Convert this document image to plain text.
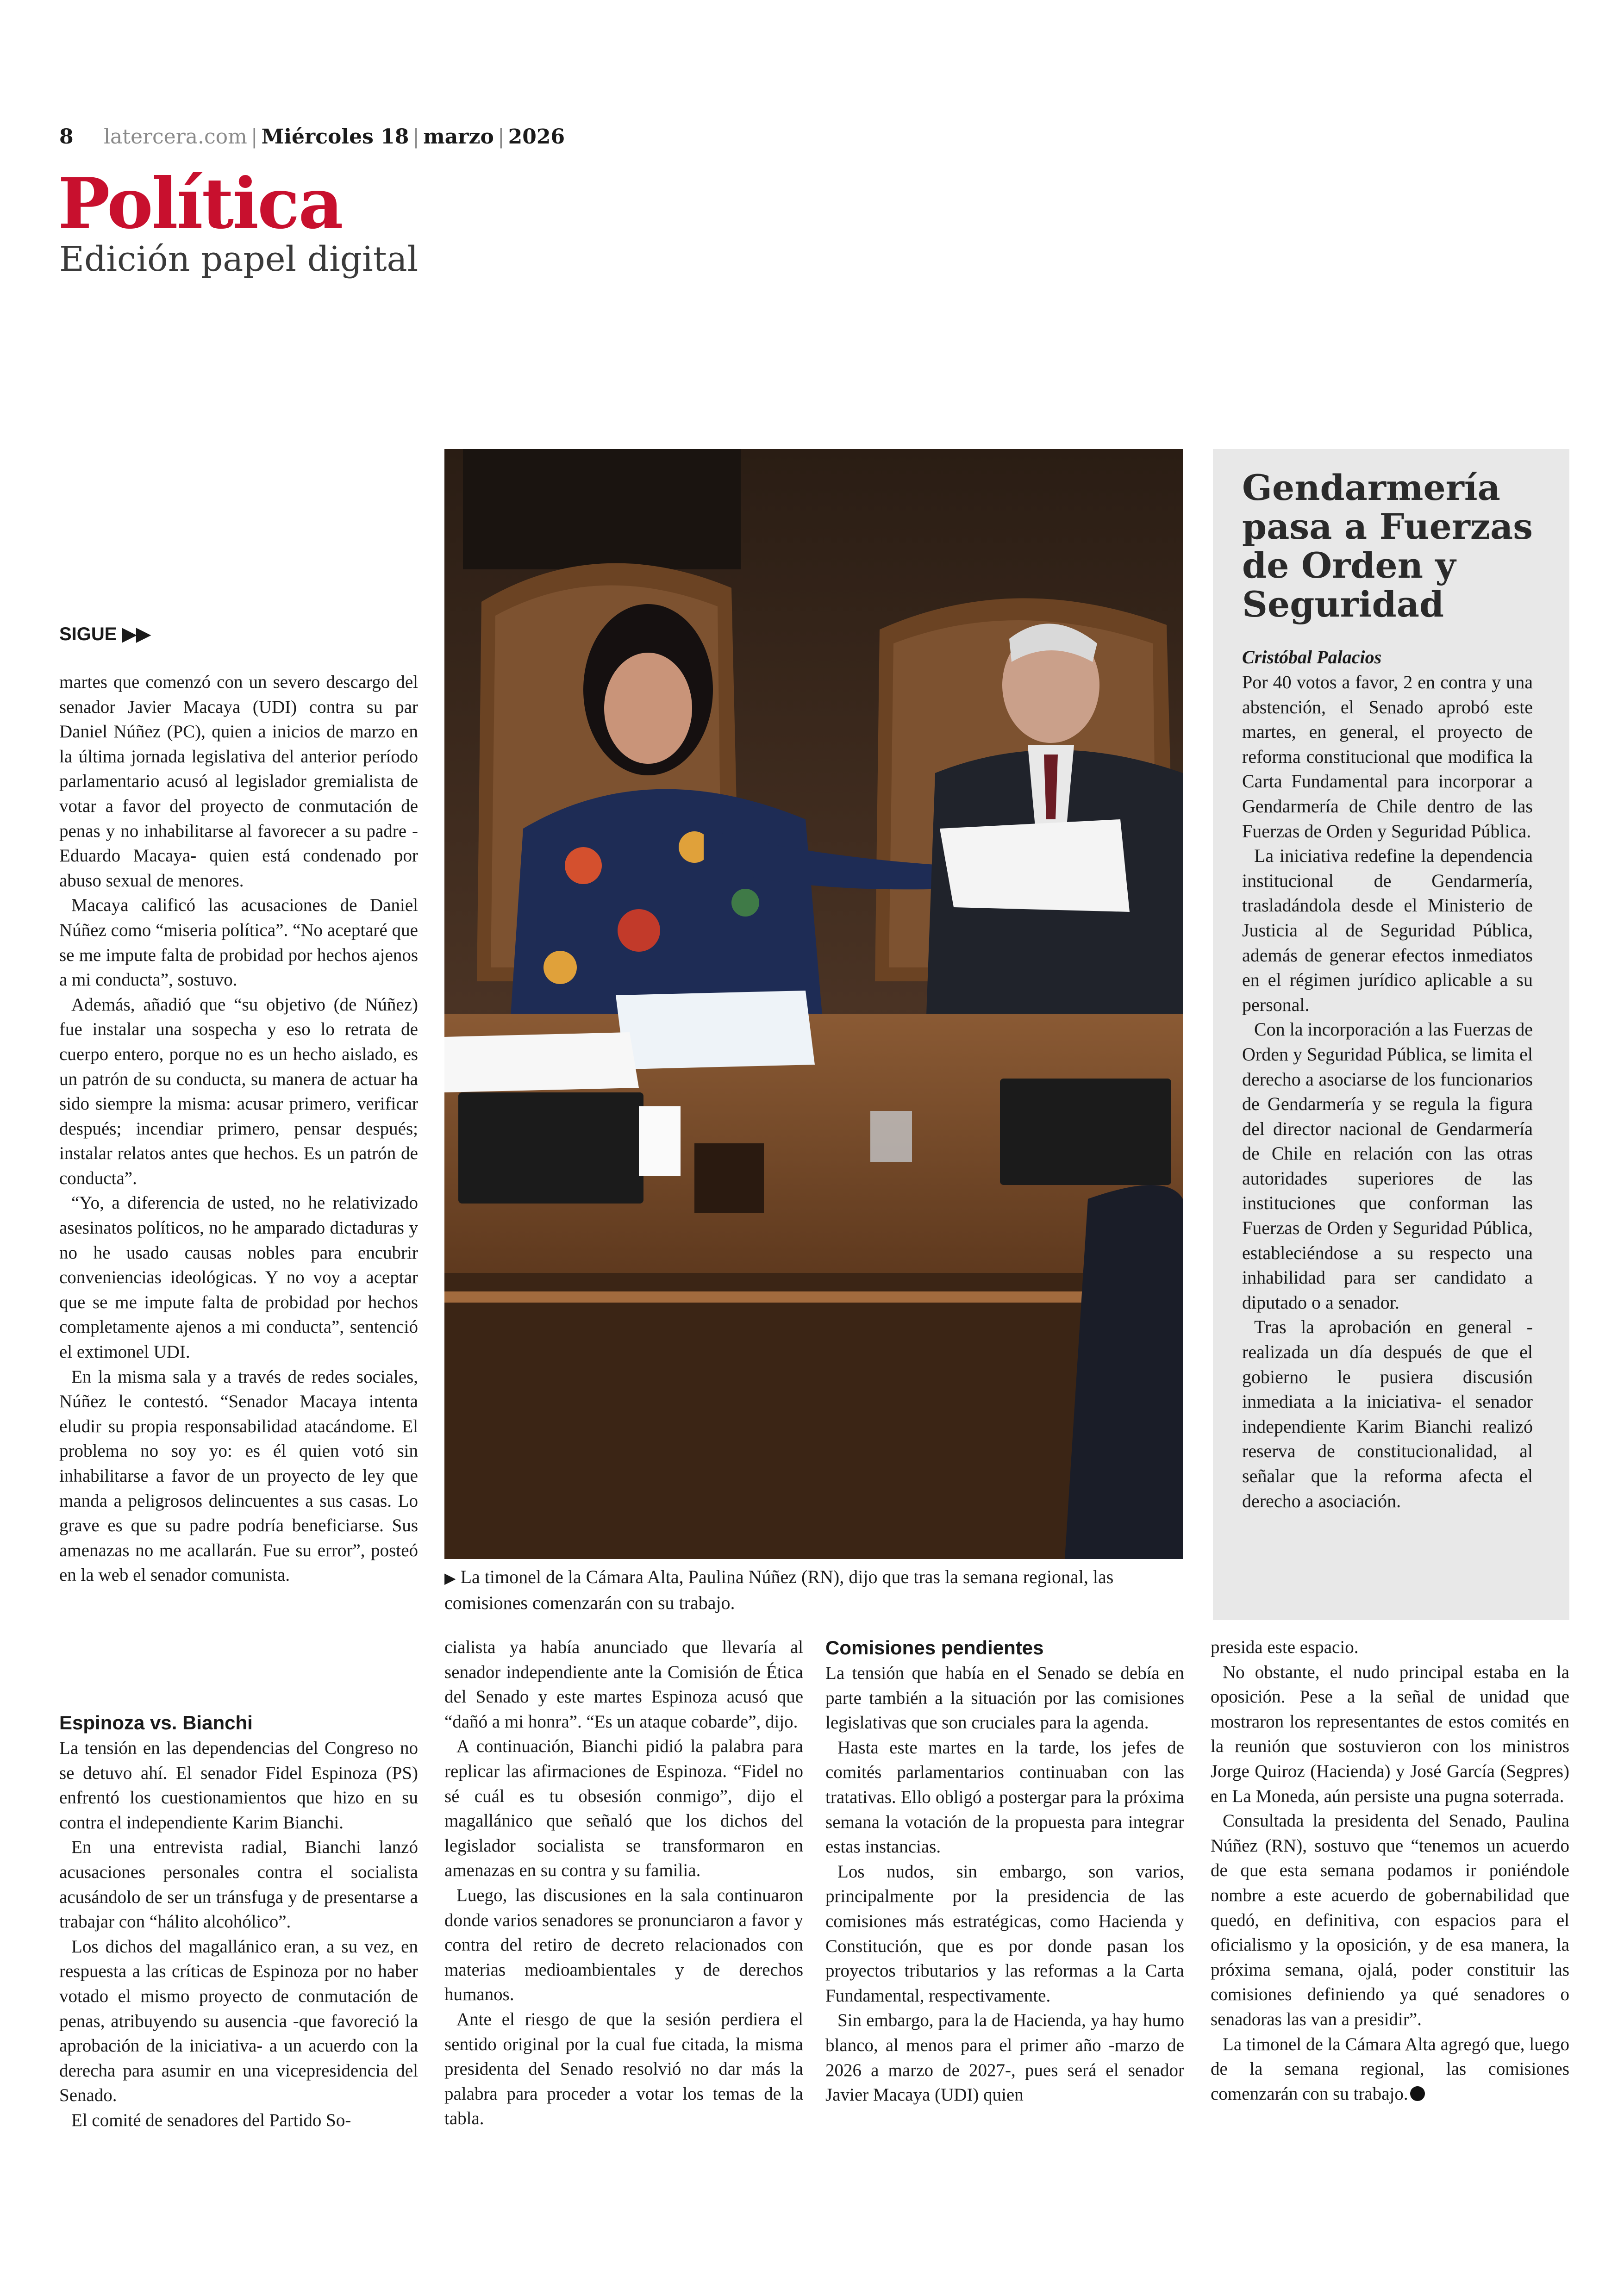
8 latercera.com | Miércoles 18 | marzo | 2026
Política
Edición papel digital
SIGUE ▶▶

martes que comenzó con un severo descargo del senador Javier Macaya (UDI) contra su par Daniel Núñez (PC), quien a inicios de marzo en la última jornada legislativa del anterior período parlamentario acusó al legislador gremialista de votar a favor del proyecto de conmutación de penas y no inhabilitarse al favorecer a su padre -Eduardo Macaya- quien está condenado por abuso sexual de menores.

Macaya calificó las acusaciones de Daniel Núñez como “miseria política”. “No aceptaré que se me impute falta de probidad por hechos ajenos a mi conducta”, sostuvo.

Además, añadió que “su objetivo (de Núñez) fue instalar una sospecha y eso lo retrata de cuerpo entero, porque no es un hecho aislado, es un patrón de su conducta, su manera de actuar ha sido siempre la misma: acusar primero, verificar después; incendiar primero, pensar después; instalar relatos antes que hechos. Es un patrón de conducta”.

“Yo, a diferencia de usted, no he relativizado asesinatos políticos, no he amparado dictaduras y no he usado causas nobles para encubrir conveniencias ideológicas. Y no voy a aceptar que se me impute falta de probidad por hechos completamente ajenos a mi conducta”, sentenció el extimonel UDI.

En la misma sala y a través de redes sociales, Núñez le contestó. “Senador Macaya intenta eludir su propia responsabilidad atacándome. El problema no soy yo: es él quien votó sin inhabilitarse a favor de un proyecto de ley que manda a peligrosos delincuentes a sus casas. Lo grave es que su padre podría beneficiarse. Sus amenazas no me acallarán. Fue su error”, posteó en la web el senador comunista.

Espinoza vs. Bianchi

La tensión en las dependencias del Congreso no se detuvo ahí. El senador Fidel Espinoza (PS) enfrentó los cuestionamientos que hizo en su contra el independiente Karim Bianchi.

En una entrevista radial, Bianchi lanzó acusaciones personales contra el socialista acusándolo de ser un tránsfuga y de presentarse a trabajar con “hálito alcohólico”.

Los dichos del magallánico eran, a su vez, en respuesta a las críticas de Espinoza por no haber votado el mismo proyecto de conmutación de penas, atribuyendo su ausencia -que favoreció la aprobación de la iniciativa- a un acuerdo con la derecha para asumir en una vicepresidencia del Senado.

El comité de senadores del Partido So-

▶ La timonel de la Cámara Alta, Paulina Núñez (RN), dijo que tras la semana regional, las comisiones comenzarán con su trabajo.

cialista ya había anunciado que llevaría al senador independiente ante la Comisión de Ética del Senado y este martes Espinoza acusó que “dañó a mi honra”. “Es un ataque cobarde”, dijo.

A continuación, Bianchi pidió la palabra para replicar las afirmaciones de Espinoza. “Fidel no sé cuál es tu obsesión conmigo”, dijo el magallánico que señaló que los dichos del legislador socialista se transformaron en amenazas en su contra y su familia.

Luego, las discusiones en la sala continuaron donde varios senadores se pronunciaron a favor y contra del retiro de decreto relacionados con materias medioambientales y de derechos humanos.

Ante el riesgo de que la sesión perdiera el sentido original por la cual fue citada, la misma presidenta del Senado resolvió no dar más la palabra para proceder a votar los temas de la tabla.

Comisiones pendientes

La tensión que había en el Senado se debía en parte también a la situación por las comisiones legislativas que son cruciales para la agenda.

Hasta este martes en la tarde, los jefes de comités parlamentarios continuaban con las tratativas. Ello obligó a postergar para la próxima semana la votación de la propuesta para integrar estas instancias.

Los nudos, sin embargo, son varios, principalmente por la presidencia de las comisiones más estratégicas, como Hacienda y Constitución, que es por donde pasan los proyectos tributarios y las reformas a la Carta Fundamental, respectivamente.

Sin embargo, para la de Hacienda, ya hay humo blanco, al menos para el primer año -marzo de 2026 a marzo de 2027-, pues será el senador Javier Macaya (UDI) quien

presida este espacio.

No obstante, el nudo principal estaba en la oposición. Pese a la señal de unidad que mostraron los representantes de estos comités en la reunión que sostuvieron con los ministros Jorge Quiroz (Hacienda) y José García (Segpres) en La Moneda, aún persiste una pugna soterrada.

Consultada la presidenta del Senado, Paulina Núñez (RN), sostuvo que “tenemos un acuerdo de que esta semana podamos ir poniéndole nombre a este acuerdo de gobernabilidad que quedó, en definitiva, con espacios para el oficialismo y la oposición, y de esa manera, la próxima semana, ojalá, poder constituir las comisiones definiendo ya qué senadores o senadoras las van a presidir”.

La timonel de la Cámara Alta agregó que, luego de la semana regional, las comisiones comenzarán con su trabajo.

Gendarmería pasa a Fuerzas de Orden y Seguridad
Cristóbal Palacios

Por 40 votos a favor, 2 en contra y una abstención, el Senado aprobó este martes, en general, el proyecto de reforma constitucional que modifica la Carta Fundamental para incorporar a Gendarmería de Chile dentro de las Fuerzas de Orden y Seguridad Pública.

La iniciativa redefine la dependencia institucional de Gendarmería, trasladándola desde el Ministerio de Justicia al de Seguridad Pública, además de generar efectos inmediatos en el régimen jurídico aplicable a su personal.

Con la incorporación a las Fuerzas de Orden y Seguridad Pública, se limita el derecho a asociarse de los funcionarios de Gendarmería y se regula la figura del director nacional de Gendarmería de Chile en relación con las otras autoridades superiores de las instituciones que conforman las Fuerzas de Orden y Seguridad Pública, estableciéndose a su respecto una inhabilidad para ser candidato a diputado o a senador.

Tras la aprobación en general -realizada un día después de que el gobierno le pusiera discusión inmediata a la iniciativa- el senador independiente Karim Bianchi realizó reserva de constitucionalidad, al señalar que la reforma afecta el derecho a asociación.
